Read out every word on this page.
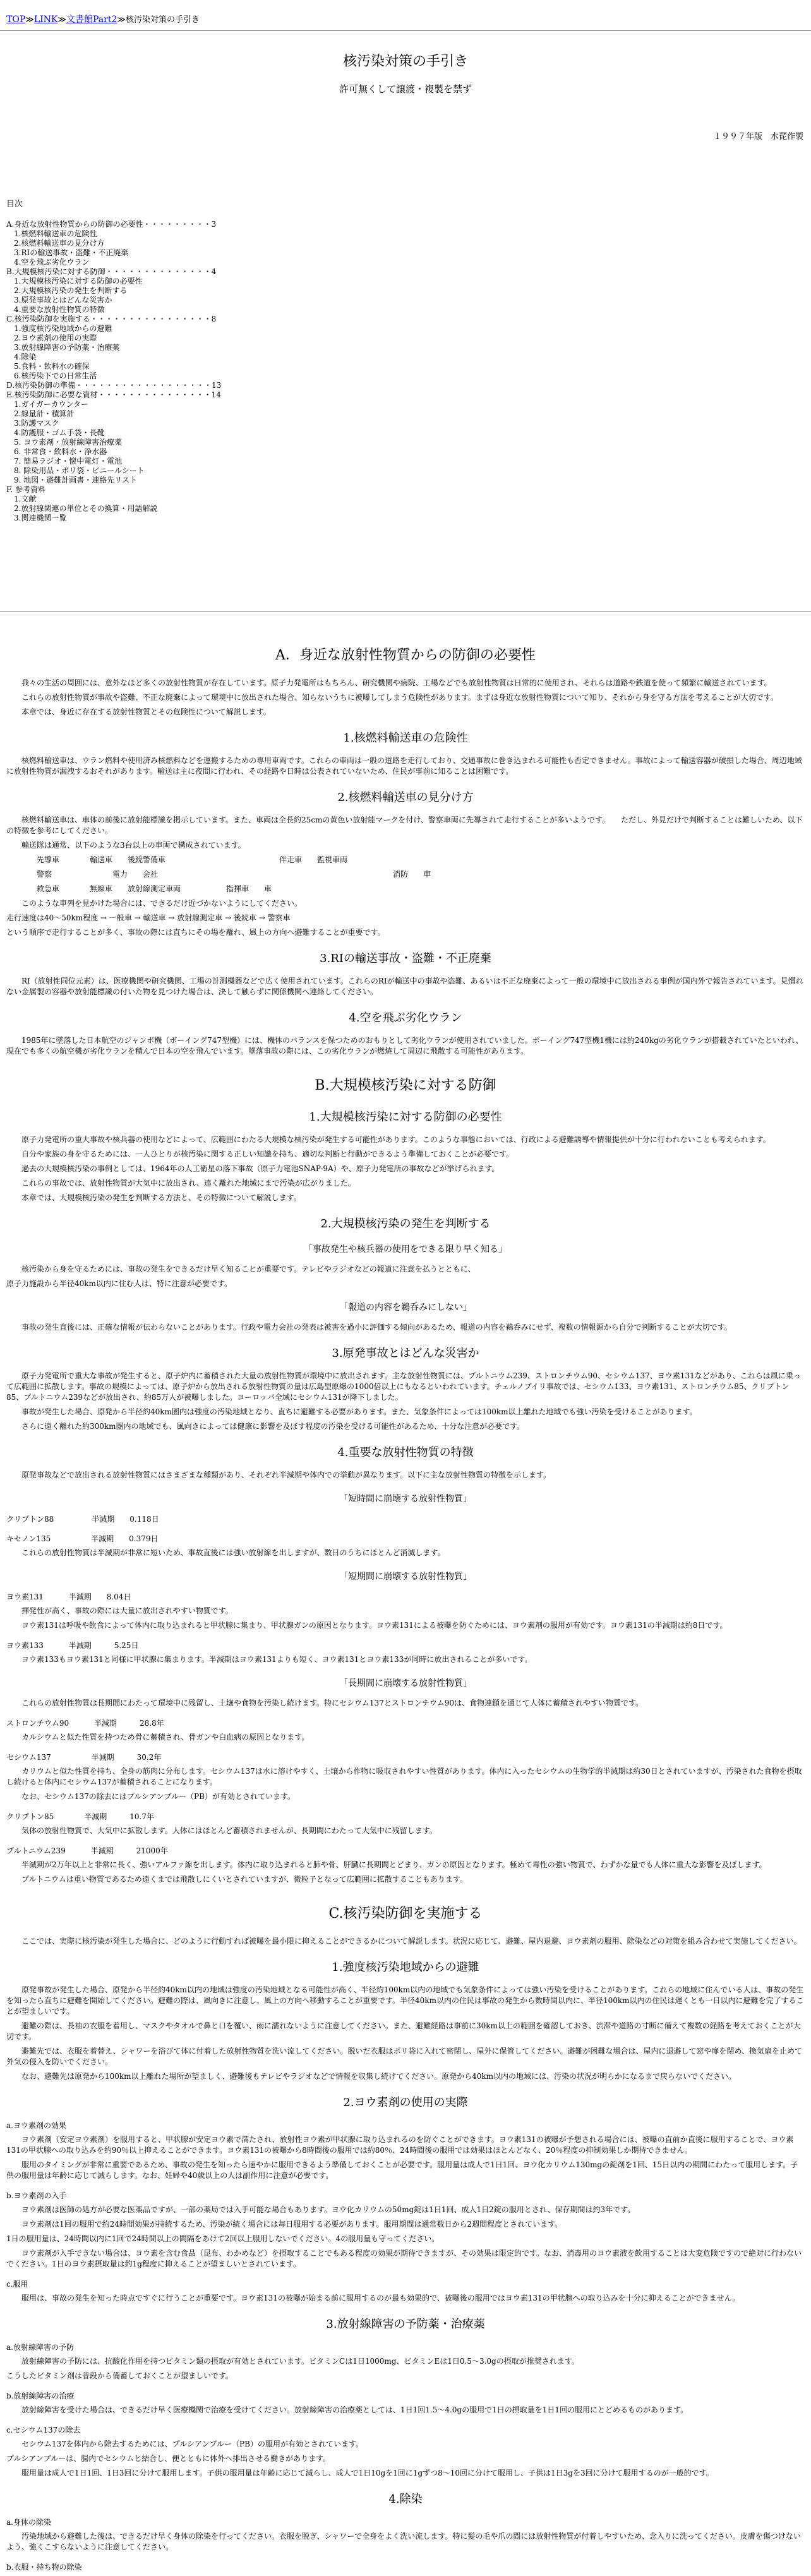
TOP≫LINK≫文書館Part2≫核汚染対策の手引き
核汚染対策の手引き
許可無くして譲渡・複製を禁ず
１９９７年版　水琵作製
目次
A.身近な放射性物質からの防御の必要性・・・・・・・・・3
　1.核燃料輸送車の危険性
　2.核燃料輸送車の見分け方
　3.RIの輸送事故・盗難・不正廃棄
　4.空を飛ぶ劣化ウラン
B.大規模核汚染に対する防御・・・・・・・・・・・・・・4
　1.大規模核汚染に対する防御の必要性
　2.大規模核汚染の発生を判断する
　3.原発事故とはどんな災害か
　4.重要な放射性物質の特徴
C.核汚染防御を実施する・・・・・・・・・・・・・・・・8
　1.強度核汚染地域からの避難
　2.ヨウ素剤の使用の実際
　3.放射線障害の予防薬・治療薬
　4.除染
　5.食料・飲料水の確保
　6.核汚染下での日常生活
D.核汚染防御の準備・・・・・・・・・・・・・・・・・・13
E.核汚染防御に必要な資材・・・・・・・・・・・・・・・14
　1.ガイガーカウンター
　2.線量計・積算計
　3.防護マスク
　4.防護服・ゴム手袋・長靴
　5. ヨウ素剤・放射線障害治療薬
　6. 非常食・飲料水・浄水器
　7. 簡易ラジオ・懐中電灯・電池
　8. 除染用品・ポリ袋・ビニールシート
　9. 地図・避難計画書・連絡先リスト
F. 参考資料
　1.文献
　2.放射線関連の単位とその換算・用語解説
　3.関連機関一覧
A．身近な放射性物質からの防御の必要性
　　我々の生活の周囲には、意外なほど多くの放射性物質が存在しています。原子力発電所はもちろん、研究機関や病院、工場などでも放射性物質は日常的に使用され、それらは道路や鉄道を使って頻繁に輸送されています。
　　これらの放射性物質が事故や盗難、不正な廃棄によって環境中に放出された場合、知らないうちに被曝してしまう危険性があります。まずは身近な放射性物質について知り、それから身を守る方法を考えることが大切です。
　　本章では、身近に存在する放射性物質とその危険性について解説します。
1.核燃料輸送車の危険性
　　核燃料輸送車は、ウラン燃料や使用済み核燃料などを運搬するための専用車両です。これらの車両は一般の道路を走行しており、交通事故に巻き込まれる可能性も否定できません。事故によって輸送容器が破損した場合、周辺地域に放射性物質が漏洩するおそれがあります。輸送は主に夜間に行われ、その経路や日時は公表されていないため、住民が事前に知ることは困難です。
2.核燃料輸送車の見分け方
　　核燃料輸送車は、車体の前後に放射能標識を掲示しています。また、車両は全長約25cmの黄色い放射能マークを付け、警察車両に先導されて走行することが多いようです。　　ただし、外見だけで判断することは難しいため、以下の特徴を参考にしてください。
　　輸送隊は通常、以下のような3台以上の車両で構成されています。
　　　　先導車　　　　輸送車　　後続警備車　　　　　　　　　　　　　　　伴走車　　監視車両
　　　　警察　　　　　　　　電力　　会社　　　　　　　　　　　　　　　　　　　　　　　　　　　　　　　消防　　車
　　　　救急車　　　　無線車　　放射線測定車両　　　　　　指揮車　　車
　　このような車列を見かけた場合には、できるだけ近づかないようにしてください。
走行速度は40〜50km程度 → 一般車 → 輸送車 → 放射線測定車 → 後続車 → 警察車
という順序で走行することが多く、事故の際には直ちにその場を離れ、風上の方向へ避難することが重要です。
3.RIの輸送事故・盗難・不正廃棄
　　RI（放射性同位元素）は、医療機関や研究機関、工場の計測機器などで広く使用されています。これらのRIが輸送中の事故や盗難、あるいは不正な廃棄によって一般の環境中に放出される事例が国内外で報告されています。見慣れない金属製の容器や放射能標識の付いた物を見つけた場合は、決して触らずに関係機関へ連絡してください。
4.空を飛ぶ劣化ウラン
　　1985年に墜落した日本航空のジャンボ機（ボーイング747型機）には、機体のバランスを保つためのおもりとして劣化ウランが使用されていました。ボーイング747型機1機には約240kgの劣化ウランが搭載されていたといわれ、現在でも多くの航空機が劣化ウランを積んで日本の空を飛んでいます。墜落事故の際には、この劣化ウランが燃焼して周辺に飛散する可能性があります。
B.大規模核汚染に対する防御
1.大規模核汚染に対する防御の必要性
　　原子力発電所の重大事故や核兵器の使用などによって、広範囲にわたる大規模な核汚染が発生する可能性があります。このような事態においては、行政による避難誘導や情報提供が十分に行われないことも考えられます。
　　自分や家族の身を守るためには、一人ひとりが核汚染に関する正しい知識を持ち、適切な判断と行動ができるよう準備しておくことが必要です。
　　過去の大規模核汚染の事例としては、1964年の人工衛星の落下事故（原子力電池SNAP-9A）や、原子力発電所の事故などが挙げられます。
　　これらの事故では、放射性物質が大気中に放出され、遠く離れた地域にまで汚染が広がりました。
　　本章では、大規模核汚染の発生を判断する方法と、その特徴について解説します。
2.大規模核汚染の発生を判断する
「事故発生や核兵器の使用をできる限り早く知る」
　　核汚染から身を守るためには、事故の発生をできるだけ早く知ることが重要です。テレビやラジオなどの報道に注意を払うとともに、
原子力施設から半径40km以内に住む人は、特に注意が必要です。
「報道の内容を鵜呑みにしない」
　　事故の発生直後には、正確な情報が伝わらないことがあります。行政や電力会社の発表は被害を過小に評価する傾向があるため、報道の内容を鵜呑みにせず、複数の情報源から自分で判断することが大切です。
3.原発事故とはどんな災害か
　　原子力発電所で重大な事故が発生すると、原子炉内に蓄積された大量の放射性物質が環境中に放出されます。主な放射性物質には、プルトニウム239、ストロンチウム90、セシウム137、ヨウ素131などがあり、これらは風に乗って広範囲に拡散します。事故の規模によっては、原子炉から放出される放射性物質の量は広島型原爆の1000倍以上にもなるといわれています。チェルノブイリ事故では、セシウム133、ヨウ素131、ストロンチウム85、クリプトン85、プルトニウム239などが放出され、約85万人が被曝しました。ヨーロッパ全域にセシウム131が降下しました。
　　事故が発生した場合、原発から半径約40km圏内は強度の汚染地域となり、直ちに避難する必要があります。また、気象条件によっては100km以上離れた地域でも強い汚染を受けることがあります。
　　さらに遠く離れた約300km圏内の地域でも、風向きによっては健康に影響を及ぼす程度の汚染を受ける可能性があるため、十分な注意が必要です。
4.重要な放射性物質の特徴
　　原発事故などで放出される放射性物質にはさまざまな種類があり、それぞれ半減期や体内での挙動が異なります。以下に主な放射性物質の特徴を示します。
「短時間に崩壊する放射性物質」
クリプトン88　　　　　半減期　　0.118日
キセノン135　　　　　 半減期　　0.379日
　　これらの放射性物質は半減期が非常に短いため、事故直後には強い放射線を出しますが、数日のうちにほとんど消滅します。
「短期間に崩壊する放射性物質」
ヨウ素131　　　 半減期　　8.04日
　　揮発性が高く、事故の際には大量に放出されやすい物質です。
　　ヨウ素131は呼吸や飲食によって体内に取り込まれると甲状腺に集まり、甲状腺ガンの原因となります。ヨウ素131による被曝を防ぐためには、ヨウ素剤の服用が有効です。ヨウ素131の半減期は約8日です。
ヨウ素133　　　 半減期　　　5.25日
　　ヨウ素133もヨウ素131と同様に甲状腺に集まります。半減期はヨウ素131よりも短く、ヨウ素131とヨウ素133が同時に放出されることが多いです。
「長期間に崩壊する放射性物質」
　　これらの放射性物質は長期間にわたって環境中に残留し、土壌や食物を汚染し続けます。特にセシウム137とストロンチウム90は、食物連鎖を通じて人体に蓄積されやすい物質です。
ストロンチウム90　　　 半減期　　　28.8年
　　カルシウムと似た性質を持つため骨に蓄積され、骨ガンや白血病の原因となります。
セシウム137　　　　　 半減期　　　30.2年
　　カリウムと似た性質を持ち、全身の筋肉に分布します。セシウム137は水に溶けやすく、土壌から作物に吸収されやすい性質があります。体内に入ったセシウムの生物学的半減期は約30日とされていますが、汚染された食物を摂取し続けると体内にセシウム137が蓄積されることになります。
　　なお、セシウム137の除去にはプルシアンブルー（PB）が有効とされています。
クリプトン85　　　　半減期　　　10.7年
　　気体の放射性物質で、大気中に拡散します。人体にはほとんど蓄積されませんが、長期間にわたって大気中に残留します。
プルトニウム239　　　 半減期　　　21000年
　　半減期が2万年以上と非常に長く、強いアルファ線を出します。体内に取り込まれると肺や骨、肝臓に長期間とどまり、ガンの原因となります。極めて毒性の強い物質で、わずかな量でも人体に重大な影響を及ぼします。
　　プルトニウムは重い物質であるため遠くまでは飛散しにくいとされていますが、微粒子となって広範囲に拡散することもあります。
C.核汚染防御を実施する
　　ここでは、実際に核汚染が発生した場合に、どのように行動すれば被曝を最小限に抑えることができるかについて解説します。状況に応じて、避難、屋内退避、ヨウ素剤の服用、除染などの対策を組み合わせて実施してください。
1.強度核汚染地域からの避難
　　原発事故が発生した場合、原発から半径約40km以内の地域は強度の汚染地域となる可能性が高く、半径約100km以内の地域でも気象条件によっては強い汚染を受けることがあります。これらの地域に住んでいる人は、事故の発生を知ったら直ちに避難を開始してください。避難の際は、風向きに注意し、風上の方向へ移動することが重要です。半径40km以内の住民は事故の発生から数時間以内に、半径100km以内の住民は遅くとも一日以内に避難を完了することが望ましいです。
　　避難の際は、長袖の衣服を着用し、マスクやタオルで鼻と口を覆い、雨に濡れないように注意してください。また、避難経路は事前に30km以上の範囲を確認しておき、渋滞や道路の寸断に備えて複数の経路を考えておくことが大切です。
　　避難先では、衣服を着替え、シャワーを浴びて体に付着した放射性物質を洗い流してください。脱いだ衣服はポリ袋に入れて密閉し、屋外に保管してください。避難が困難な場合は、屋内に退避して窓や扉を閉め、換気扇を止めて外気の侵入を防いでください。
　　なお、避難先は原発から100km以上離れた場所が望ましく、避難後もテレビやラジオなどで情報を収集し続けてください。原発から40km以内の地域には、汚染の状況が明らかになるまで戻らないでください。
2.ヨウ素剤の使用の実際
a.ヨウ素剤の効果
　　ヨウ素剤（安定ヨウ素剤）を服用すると、甲状腺が安定ヨウ素で満たされ、放射性ヨウ素が甲状腺に取り込まれるのを防ぐことができます。ヨウ素131の被曝が予想される場合には、被曝の直前か直後に服用することで、ヨウ素131の甲状腺への取り込みを約90％以上抑えることができます。ヨウ素131の被曝から8時間後の服用では約80％、24時間後の服用では効果はほとんどなく、20％程度の抑制効果しか期待できません。
　　服用のタイミングが非常に重要であるため、事故の発生を知ったら速やかに服用できるよう準備しておくことが必要です。服用量は成人で1日1回、ヨウ化カリウム130mgの錠剤を1回、15日以内の期間にわたって服用します。子供の服用量は年齢に応じて減らします。なお、妊婦や40歳以上の人は副作用に注意が必要です。
b.ヨウ素剤の入手
　　ヨウ素剤は医師の処方が必要な医薬品ですが、一部の薬局では入手可能な場合もあります。ヨウ化カリウムの50mg錠は1日1回、成人1日2錠の服用とされ、保存期間は約3年です。
　　ヨウ素剤は1回の服用で約24時間効果が持続するため、汚染が続く場合には毎日服用する必要があります。服用期間は通常数日から2週間程度とされています。
1日の服用量は、24時間以内に1回で24時間以上の間隔をあけて2回以上服用しないでください。4の服用量も守ってください。
　　ヨウ素剤が入手できない場合は、ヨウ素を含む食品（昆布、わかめなど）を摂取することでもある程度の効果が期待できますが、その効果は限定的です。なお、消毒用のヨウ素液を飲用することは大変危険ですので絶対に行わないでください。1日のヨウ素摂取量は約1g程度に抑えることが望ましいとされています。
c.服用
　　服用は、事故の発生を知った時点ですぐに行うことが重要です。ヨウ素131の被曝が始まる前に服用するのが最も効果的で、被曝後の服用ではヨウ素131の甲状腺への取り込みを十分に抑えることができません。
3.放射線障害の予防薬・治療薬
a.放射線障害の予防
　　放射線障害の予防には、抗酸化作用を持つビタミン類の摂取が有効とされています。ビタミンCは1日1000mg、ビタミンEは1日0.5〜3.0gの摂取が推奨されます。
こうしたビタミン剤は普段から備蓄しておくことが望ましいです。
b.放射線障害の治療
　　放射線障害を受けた場合は、できるだけ早く医療機関で治療を受けてください。放射線障害の治療薬としては、1日1回1.5〜4.0gの服用で1日の摂取量を1日1回の服用にとどめるものがあります。
c.セシウム137の除去
　　セシウム137を体内から除去するためには、プルシアンブルー（PB）の服用が有効とされています。
プルシアンブルーは、腸内でセシウムと結合し、便とともに体外へ排出させる働きがあります。
　　服用量は成人で1日1回、1日3回に分けて服用します。子供の服用量は年齢に応じて減らし、成人で1日10gを1回に1gずつ8〜10回に分けて服用し、子供は1日3gを3回に分けて服用するのが一般的です。
4.除染
a.身体の除染
　　汚染地域から避難した後は、できるだけ早く身体の除染を行ってください。衣服を脱ぎ、シャワーで全身をよく洗い流します。特に髪の毛や爪の間には放射性物質が付着しやすいため、念入りに洗ってください。皮膚を傷つけないよう、強くこすらないように注意してください。
b.衣服・持ち物の除染
